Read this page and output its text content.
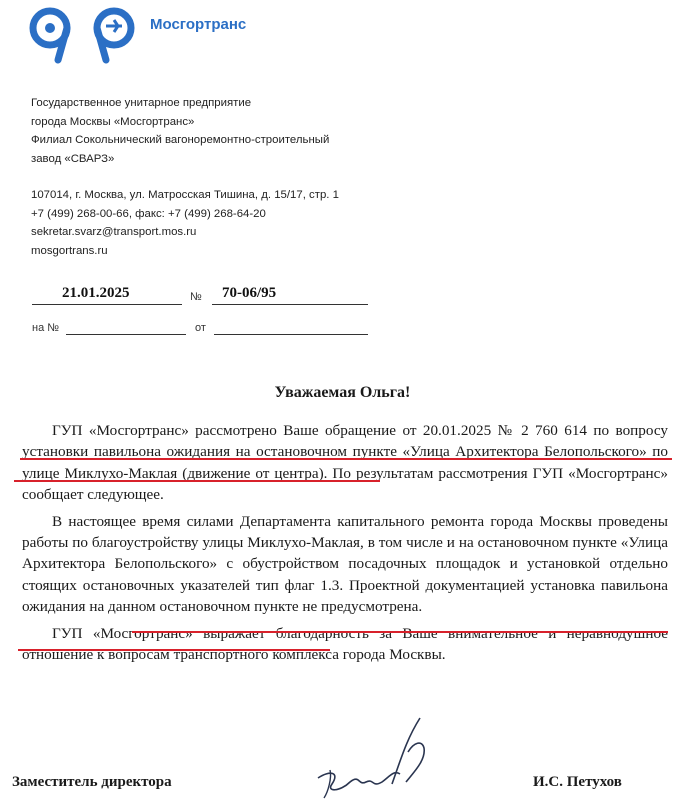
Мосгортранс
Государственное унитарное предприятие
города Москвы «Мосгортранс»
Филиал Сокольнический вагоноремонтно-строительный
завод «СВАРЗ»
107014, г. Москва, ул. Матросская Тишина, д. 15/17, стр. 1
+7 (499) 268-00-66, факс: +7 (499) 268-64-20
sekretar.svarz@transport.mos.ru
mosgortrans.ru
21.01.2025	№ 70-06/95
на №	от
Уважаемая Ольга!

ГУП «Мосгортранс» рассмотрено Ваше обращение от 20.01.2025 № 2 760 614 по вопросу установки павильона ожидания на остановочном пункте «Улица Архитектора Белопольского» по улице Миклухо-Маклая (движение от центра). По результатам рассмотрения ГУП «Мосгортранс» сообщает следующее.

В настоящее время силами Департамента капитального ремонта города Москвы проведены работы по благоустройству улицы Миклухо-Маклая, в том числе и на остановочном пункте «Улица Архитектора Белопольского» с обустройством посадочных площадок и установкой отдельно стоящих остановочных указателей тип флаг 1.3. Проектной документацией установка павильона ожидания на данном остановочном пункте не предусмотрена.

ГУП «Мосгортранс» выражает благодарность за Ваше внимательное и неравнодушное отношение к вопросам транспортного комплекса города Москвы.

Заместитель директора	И.С. Петухов
